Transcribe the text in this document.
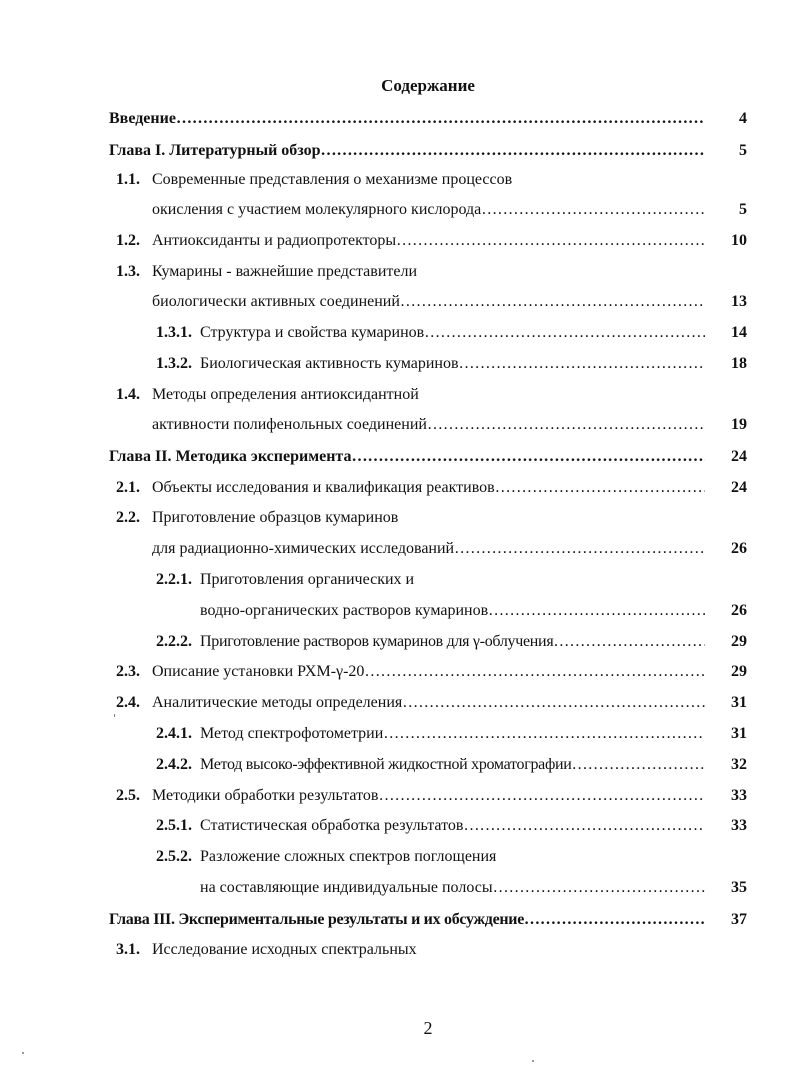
Содержание
Введение ………………………………………………………………………………………………………………………………………………………………………………	4
Глава I. Литературный обзор ………………………………………………………………………………………………………………………………………………………………………………	5
1.1. Современные представления о механизме процессов
окисления с участием молекулярного кислорода ………………………………………………………………………………………………………………………………………………………………………………	5
1.2. Антиоксиданты и радиопротекторы ………………………………………………………………………………………………………………………………………………………………………………	10
1.3. Кумарины - важнейшие представители
биологически активных соединений ………………………………………………………………………………………………………………………………………………………………………………	13
1.3.1. Структура и свойства кумаринов ………………………………………………………………………………………………………………………………………………………………………………	14
1.3.2. Биологическая активность кумаринов ………………………………………………………………………………………………………………………………………………………………………………	18
1.4. Методы определения антиоксидантной
активности полифенольных соединений ………………………………………………………………………………………………………………………………………………………………………………	19
Глава II. Методика эксперимента ………………………………………………………………………………………………………………………………………………………………………………	24
2.1. Объекты исследования и квалификация реактивов ………………………………………………………………………………………………………………………………………………………………………………	24
2.2. Приготовление образцов кумаринов
для радиационно-химических исследований ………………………………………………………………………………………………………………………………………………………………………………	26
2.2.1. Приготовления органических и
водно-органических растворов кумаринов ………………………………………………………………………………………………………………………………………………………………………………	26
2.2.2. Приготовление растворов кумаринов для γ-облучения ………………………………………………………………………………………………………………………………………………………………………………	29
2.3. Описание установки РХМ-γ-20 ………………………………………………………………………………………………………………………………………………………………………………	29
2.4. Аналитические методы определения ………………………………………………………………………………………………………………………………………………………………………………	31
2.4.1. Метод спектрофотометрии ………………………………………………………………………………………………………………………………………………………………………………	31
2.4.2. Метод высоко-эффективной жидкостной хроматографии ………………………………………………………………………………………………………………………………………………………………………………	32
2.5. Методики обработки результатов ………………………………………………………………………………………………………………………………………………………………………………	33
2.5.1. Статистическая обработка результатов ………………………………………………………………………………………………………………………………………………………………………………	33
2.5.2. Разложение сложных спектров поглощения
на составляющие индивидуальные полосы ………………………………………………………………………………………………………………………………………………………………………………	35
Глава III. Экспериментальные результаты и их обсуждение ………………………………………………………………………………………………………………………………………………………………………………	37
3.1. Исследование исходных спектральных
2
